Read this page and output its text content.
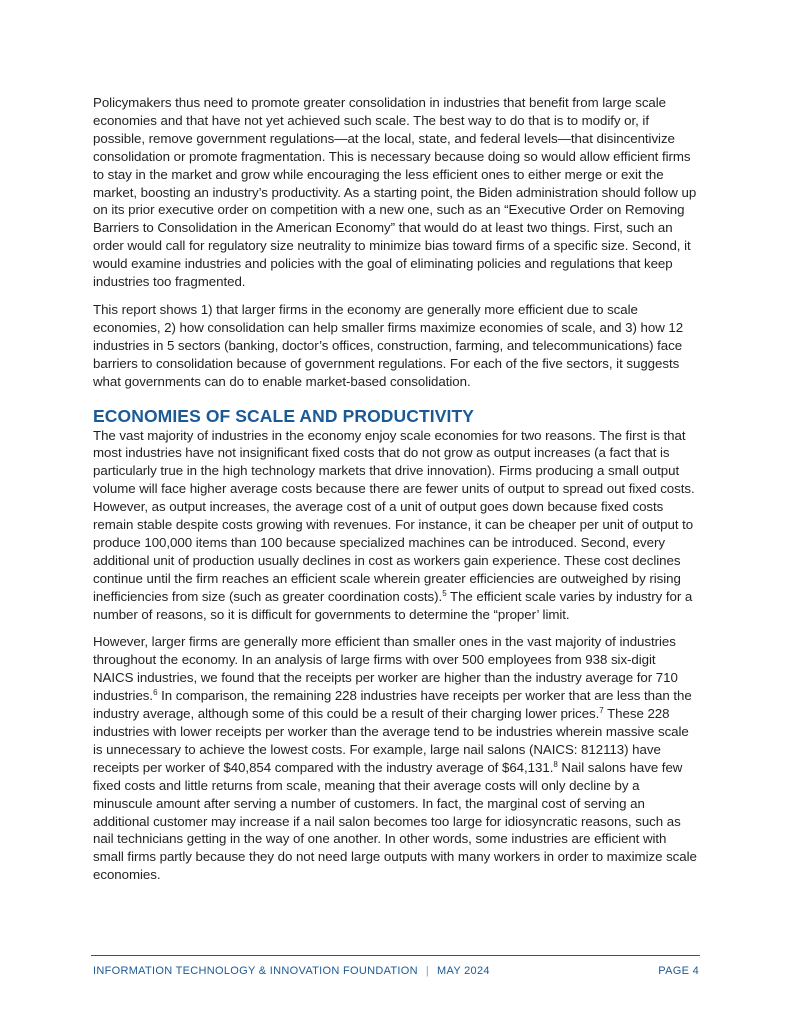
Policymakers thus need to promote greater consolidation in industries that benefit from large scale economies and that have not yet achieved such scale. The best way to do that is to modify or, if possible, remove government regulations—at the local, state, and federal levels—that disincentivize consolidation or promote fragmentation. This is necessary because doing so would allow efficient firms to stay in the market and grow while encouraging the less efficient ones to either merge or exit the market, boosting an industry’s productivity. As a starting point, the Biden administration should follow up on its prior executive order on competition with a new one, such as an “Executive Order on Removing Barriers to Consolidation in the American Economy” that would do at least two things. First, such an order would call for regulatory size neutrality to minimize bias toward firms of a specific size. Second, it would examine industries and policies with the goal of eliminating policies and regulations that keep industries too fragmented.

This report shows 1) that larger firms in the economy are generally more efficient due to scale economies, 2) how consolidation can help smaller firms maximize economies of scale, and 3) how 12 industries in 5 sectors (banking, doctor’s offices, construction, farming, and telecommunications) face barriers to consolidation because of government regulations. For each of the five sectors, it suggests what governments can do to enable market-based consolidation.

ECONOMIES OF SCALE AND PRODUCTIVITY

The vast majority of industries in the economy enjoy scale economies for two reasons. The first is that most industries have not insignificant fixed costs that do not grow as output increases (a fact that is particularly true in the high technology markets that drive innovation). Firms producing a small output volume will face higher average costs because there are fewer units of output to spread out fixed costs. However, as output increases, the average cost of a unit of output goes down because fixed costs remain stable despite costs growing with revenues. For instance, it can be cheaper per unit of output to produce 100,000 items than 100 because specialized machines can be introduced. Second, every additional unit of production usually declines in cost as workers gain experience. These cost declines continue until the firm reaches an efficient scale wherein greater efficiencies are outweighed by rising inefficiencies from size (such as greater coordination costs).$^5$ The efficient scale varies by industry for a number of reasons, so it is difficult for governments to determine the “proper’ limit.

However, larger firms are generally more efficient than smaller ones in the vast majority of industries throughout the economy. In an analysis of large firms with over 500 employees from 938 six-digit NAICS industries, we found that the receipts per worker are higher than the industry average for 710 industries.$^6$ In comparison, the remaining 228 industries have receipts per worker that are less than the industry average, although some of this could be a result of their charging lower prices.$^7$ These 228 industries with lower receipts per worker than the average tend to be industries wherein massive scale is unnecessary to achieve the lowest costs. For example, large nail salons (NAICS: 812113) have receipts per worker of $40,854 compared with the industry average of $64,131.$^8$ Nail salons have few fixed costs and little returns from scale, meaning that their average costs will only decline by a minuscule amount after serving a number of customers. In fact, the marginal cost of serving an additional customer may increase if a nail salon becomes too large for idiosyncratic reasons, such as nail technicians getting in the way of one another. In other words, some industries are efficient with small firms partly because they do not need large outputs with many workers in order to maximize scale economies.

INFORMATION TECHNOLOGY & INNOVATION FOUNDATION | MAY 2024	PAGE 4
